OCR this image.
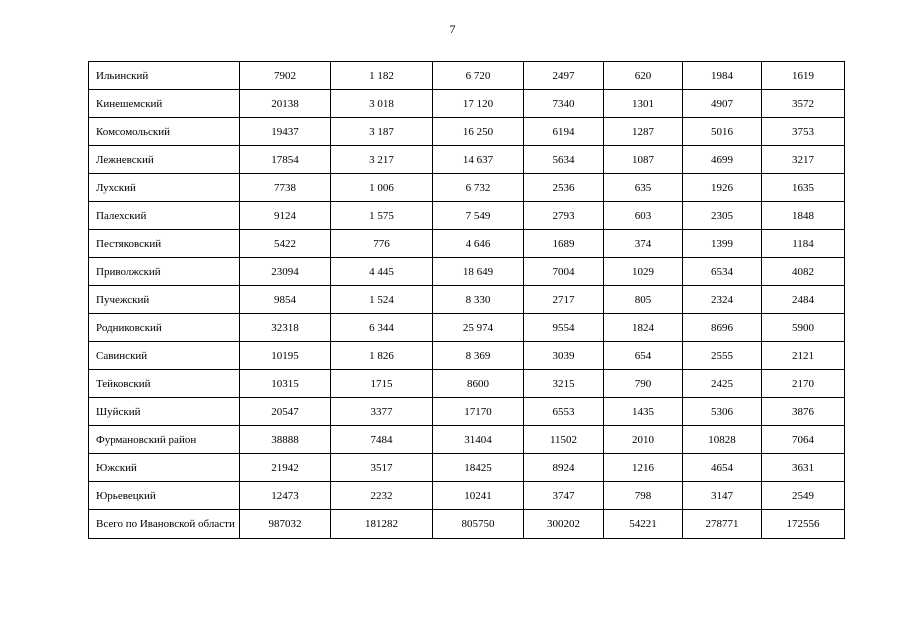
7
Ильинский	7902	1 182	6 720	2497	620	1984	1619
Кинешемский	20138	3 018	17 120	7340	1301	4907	3572
Комсомольский	19437	3 187	16 250	6194	1287	5016	3753
Лежневский	17854	3 217	14 637	5634	1087	4699	3217
Лухский	7738	1 006	6 732	2536	635	1926	1635
Палехский	9124	1 575	7 549	2793	603	2305	1848
Пестяковский	5422	776	4 646	1689	374	1399	1184
Приволжский	23094	4 445	18 649	7004	1029	6534	4082
Пучежский	9854	1 524	8 330	2717	805	2324	2484
Родниковский	32318	6 344	25 974	9554	1824	8696	5900
Савинский	10195	1 826	8 369	3039	654	2555	2121
Тейковский	10315	1715	8600	3215	790	2425	2170
Шуйский	20547	3377	17170	6553	1435	5306	3876
Фурмановский район	38888	7484	31404	11502	2010	10828	7064
Южский	21942	3517	18425	8924	1216	4654	3631
Юрьевецкий	12473	2232	10241	3747	798	3147	2549
Всего по Ивановской области	987032	181282	805750	300202	54221	278771	172556
